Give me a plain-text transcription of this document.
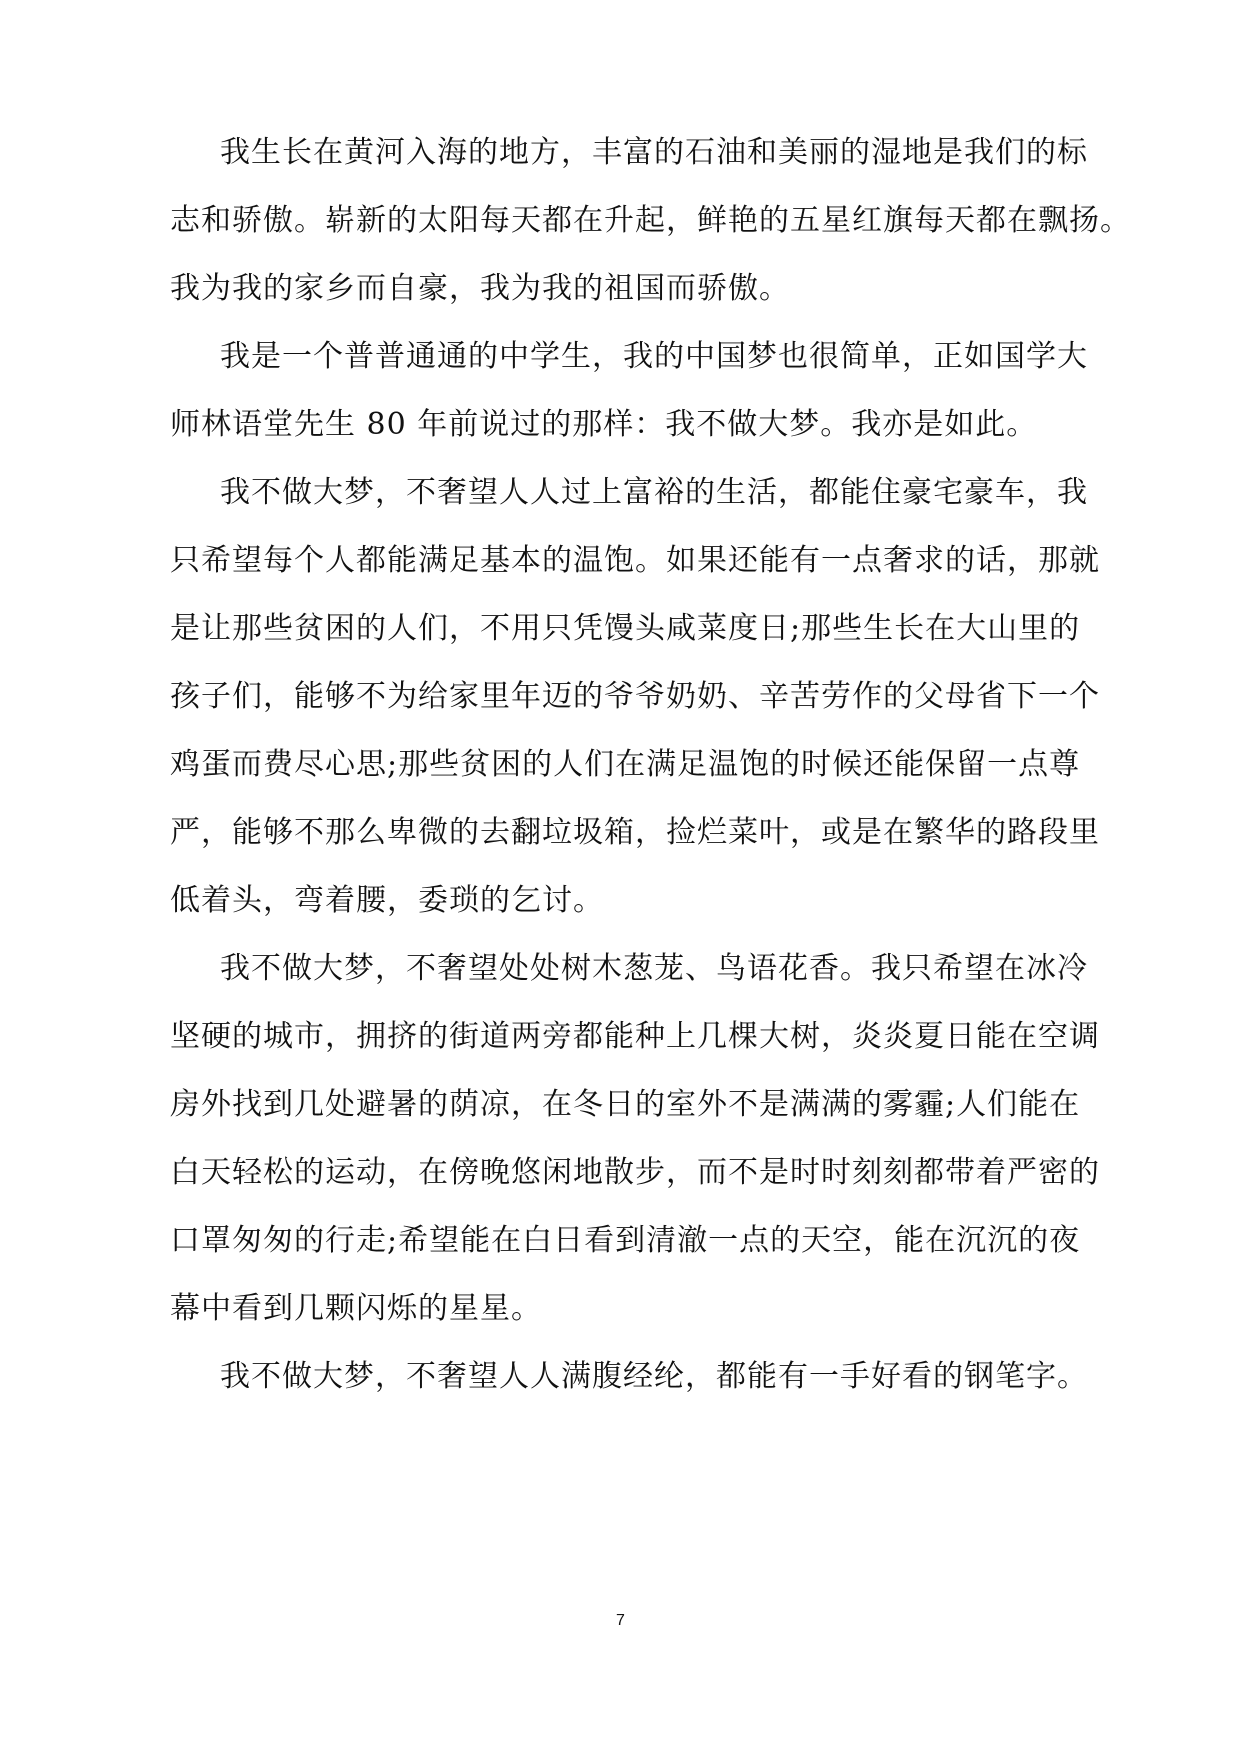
我生长在黄河入海的地方，丰富的石油和美丽的湿地是我们的标
志和骄傲。崭新的太阳每天都在升起，鲜艳的五星红旗每天都在飘扬。
我为我的家乡而自豪，我为我的祖国而骄傲。
我是一个普普通通的中学生，我的中国梦也很简单，正如国学大
师林语堂先生 80 年前说过的那样：我不做大梦。我亦是如此。
我不做大梦，不奢望人人过上富裕的生活，都能住豪宅豪车，我
只希望每个人都能满足基本的温饱。如果还能有一点奢求的话，那就
是让那些贫困的人们，不用只凭馒头咸菜度日;那些生长在大山里的
孩子们，能够不为给家里年迈的爷爷奶奶、辛苦劳作的父母省下一个
鸡蛋而费尽心思;那些贫困的人们在满足温饱的时候还能保留一点尊
严，能够不那么卑微的去翻垃圾箱，捡烂菜叶，或是在繁华的路段里
低着头，弯着腰，委琐的乞讨。
我不做大梦，不奢望处处树木葱茏、鸟语花香。我只希望在冰冷
坚硬的城市，拥挤的街道两旁都能种上几棵大树，炎炎夏日能在空调
房外找到几处避暑的荫凉，在冬日的室外不是满满的雾霾;人们能在
白天轻松的运动，在傍晚悠闲地散步，而不是时时刻刻都带着严密的
口罩匆匆的行走;希望能在白日看到清澈一点的天空，能在沉沉的夜
幕中看到几颗闪烁的星星。
我不做大梦，不奢望人人满腹经纶，都能有一手好看的钢笔字。
7
